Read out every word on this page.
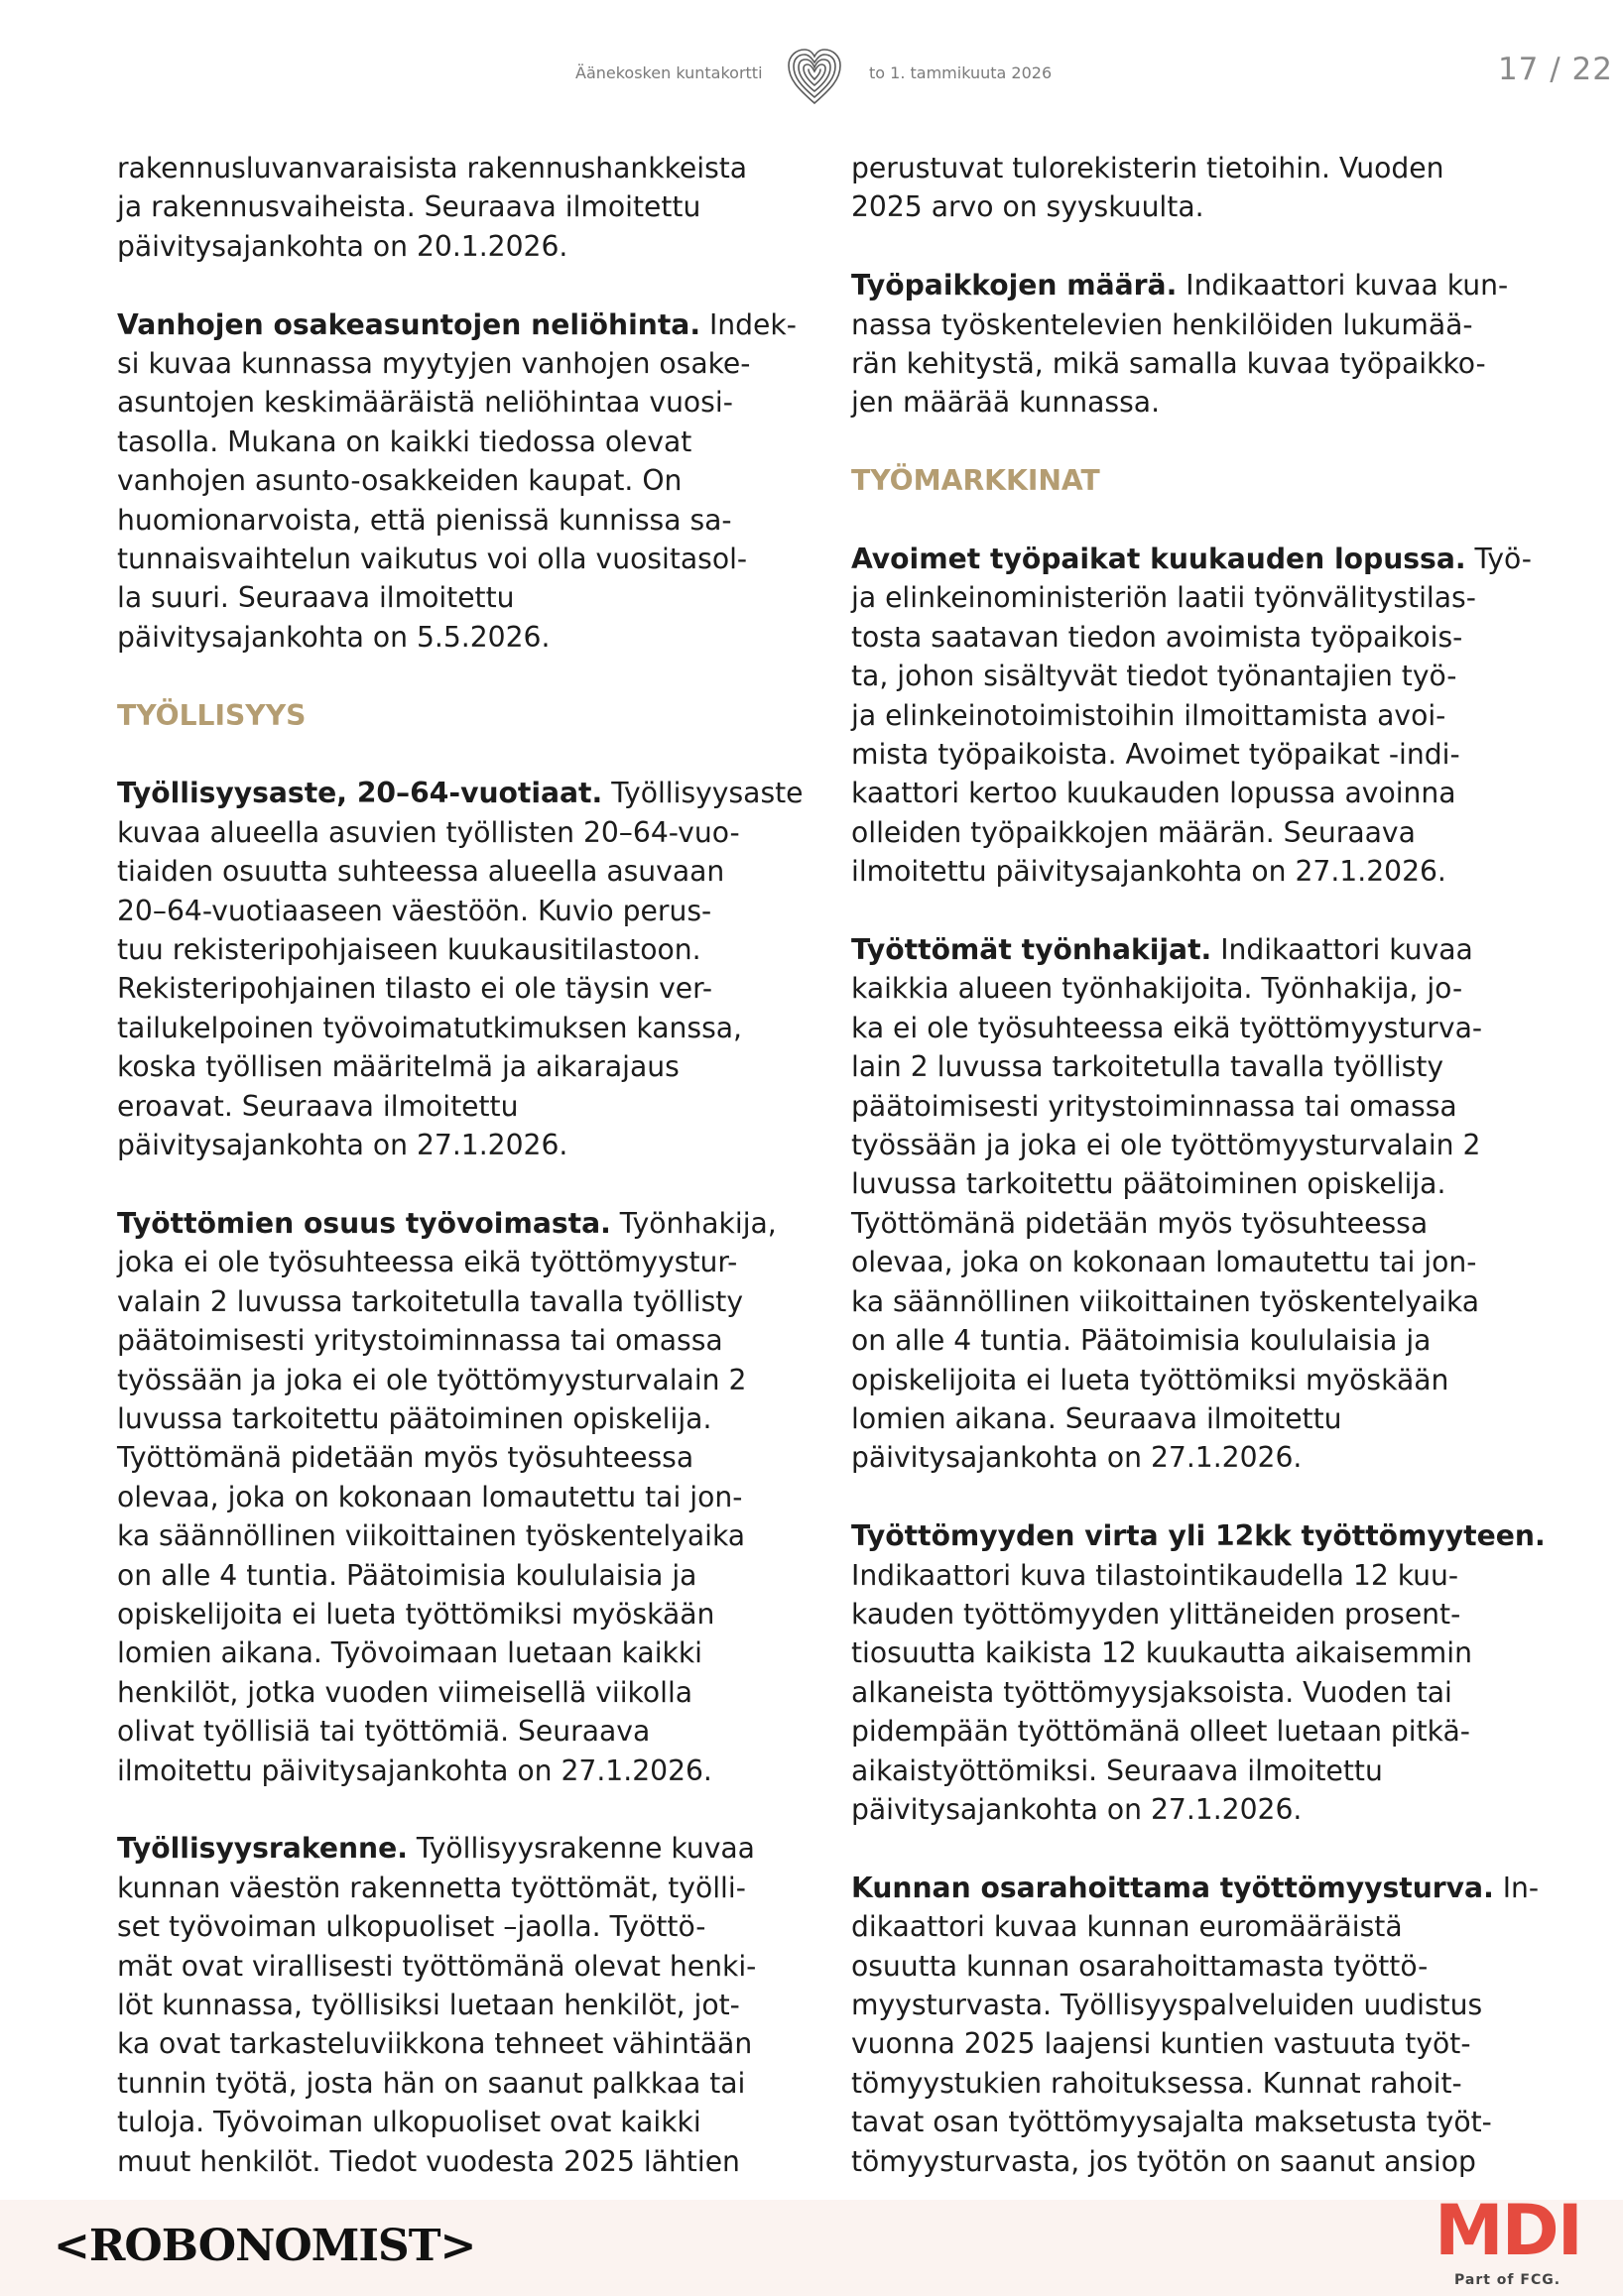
Äänekosken kuntakortti	to 1. tammikuuta 2026	17 / 22

rakennusluvanvaraisista rakennushankkeista
ja rakennusvaiheista. Seuraava ilmoitettu
päivitysajankohta on 20.1.2026.

Vanhojen osakeasuntojen neliöhinta. Indek-
si kuvaa kunnassa myytyjen vanhojen osake-
asuntojen keskimääräistä neliöhintaa vuosi-
tasolla. Mukana on kaikki tiedossa olevat
vanhojen asunto-osakkeiden kaupat. On
huomionarvoista, että pienissä kunnissa sa-
tunnaisvaihtelun vaikutus voi olla vuositasol-
la suuri. Seuraava ilmoitettu
päivitysajankohta on 5.5.2026.

TYÖLLISYYS

Työllisyysaste, 20–64-vuotiaat. Työllisyysaste
kuvaa alueella asuvien työllisten 20–64-vuo-
tiaiden osuutta suhteessa alueella asuvaan
20–64-vuotiaaseen väestöön. Kuvio perus-
tuu rekisteripohjaiseen kuukausitilastoon.
Rekisteripohjainen tilasto ei ole täysin ver-
tailukelpoinen työvoimatutkimuksen kanssa,
koska työllisen määritelmä ja aikarajaus
eroavat. Seuraava ilmoitettu
päivitysajankohta on 27.1.2026.

Työttömien osuus työvoimasta. Työnhakija,
joka ei ole työsuhteessa eikä työttömyystur-
valain 2 luvussa tarkoitetulla tavalla työllisty
päätoimisesti yritystoiminnassa tai omassa
työssään ja joka ei ole työttömyysturvalain 2
luvussa tarkoitettu päätoiminen opiskelija.
Työttömänä pidetään myös työsuhteessa
olevaa, joka on kokonaan lomautettu tai jon-
ka säännöllinen viikoittainen työskentelyaika
on alle 4 tuntia. Päätoimisia koululaisia ja
opiskelijoita ei lueta työttömiksi myöskään
lomien aikana. Työvoimaan luetaan kaikki
henkilöt, jotka vuoden viimeisellä viikolla
olivat työllisiä tai työttömiä. Seuraava
ilmoitettu päivitysajankohta on 27.1.2026.

Työllisyysrakenne. Työllisyysrakenne kuvaa
kunnan väestön rakennetta työttömät, työlli-
set työvoiman ulkopuoliset –jaolla. Työttö-
mät ovat virallisesti työttömänä olevat henki-
löt kunnassa, työllisiksi luetaan henkilöt, jot-
ka ovat tarkasteluviikkona tehneet vähintään
tunnin työtä, josta hän on saanut palkkaa tai
tuloja. Työvoiman ulkopuoliset ovat kaikki
muut henkilöt. Tiedot vuodesta 2025 lähtien

perustuvat tulorekisterin tietoihin. Vuoden
2025 arvo on syyskuulta.

Työpaikkojen määrä. Indikaattori kuvaa kun-
nassa työskentelevien henkilöiden lukumää-
rän kehitystä, mikä samalla kuvaa työpaikko-
jen määrää kunnassa.

TYÖMARKKINAT

Avoimet työpaikat kuukauden lopussa. Työ-
ja elinkeinoministeriön laatii työnvälitystilas-
tosta saatavan tiedon avoimista työpaikois-
ta, johon sisältyvät tiedot työnantajien työ-
ja elinkeinotoimistoihin ilmoittamista avoi-
mista työpaikoista. Avoimet työpaikat -indi-
kaattori kertoo kuukauden lopussa avoinna
olleiden työpaikkojen määrän. Seuraava
ilmoitettu päivitysajankohta on 27.1.2026.

Työttömät työnhakijat. Indikaattori kuvaa
kaikkia alueen työnhakijoita. Työnhakija, jo-
ka ei ole työsuhteessa eikä työttömyysturva-
lain 2 luvussa tarkoitetulla tavalla työllisty
päätoimisesti yritystoiminnassa tai omassa
työssään ja joka ei ole työttömyysturvalain 2
luvussa tarkoitettu päätoiminen opiskelija.
Työttömänä pidetään myös työsuhteessa
olevaa, joka on kokonaan lomautettu tai jon-
ka säännöllinen viikoittainen työskentelyaika
on alle 4 tuntia. Päätoimisia koululaisia ja
opiskelijoita ei lueta työttömiksi myöskään
lomien aikana. Seuraava ilmoitettu
päivitysajankohta on 27.1.2026.

Työttömyyden virta yli 12kk työttömyyteen.
Indikaattori kuva tilastointikaudella 12 kuu-
kauden työttömyyden ylittäneiden prosent-
tiosuutta kaikista 12 kuukautta aikaisemmin
alkaneista työttömyysjaksoista. Vuoden tai
pidempään työttömänä olleet luetaan pitkä-
aikaistyöttömiksi. Seuraava ilmoitettu
päivitysajankohta on 27.1.2026.

Kunnan osarahoittama työttömyysturva. In-
dikaattori kuvaa kunnan euromääräistä
osuutta kunnan osarahoittamasta työttö-
myysturvasta. Työllisyyspalveluiden uudistus
vuonna 2025 laajensi kuntien vastuuta työt-
tömyystukien rahoituksessa. Kunnat rahoit-
tavat osan työttömyysajalta maksetusta työt-
tömyysturvasta, jos työtön on saanut ansiop

<ROBONOMIST>	MDI
Part of FCG.
